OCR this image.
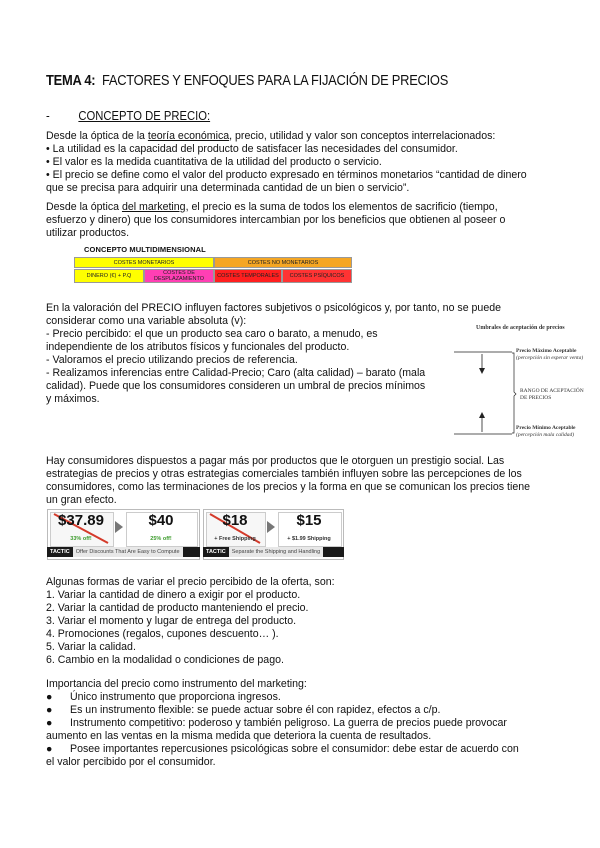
TEMA 4: FACTORES Y ENFOQUES PARA LA FIJACIÓN DE PRECIOS
- CONCEPTO DE PRECIO:

Desde la óptica de la teoría económica, precio, utilidad y valor son conceptos interrelacionados:

• La utilidad es la capacidad del producto de satisfacer las necesidades del consumidor.

• El valor es la medida cuantitativa de la utilidad del producto o servicio.

• El precio se define como el valor del producto expresado en términos monetarios “cantidad de dinero

que se precisa para adquirir una determinada cantidad de un bien o servicio”.

Desde la óptica del marketing, el precio es la suma de todos los elementos de sacrificio (tiempo,

esfuerzo y dinero) que los consumidores intercambian por los beneficios que obtienen al poseer o

utilizar productos.

CONCEPTO MULTIDIMENSIONAL
COSTES MONETARIOS	COSTES NO MONETARIOS
DINERO (€) + P.Q	COSTES DE DESPLAZAMIENTO	COSTES TEMPORALES	COSTES PSÍQUICOS

En la valoración del PRECIO influyen factores subjetivos o psicológicos y, por tanto, no se puede

considerar como una variable absoluta (v):

- Precio percibido: el que un producto sea caro o barato, a menudo, es

independiente de los atributos físicos y funcionales del producto.

- Valoramos el precio utilizando precios de referencia.

- Realizamos inferencias entre Calidad-Precio; Caro (alta calidad) – barato (mala

calidad). Puede que los consumidores consideren un umbral de precios mínimos

y máximos.

Umbrales de aceptación de precios
Precio Máximo Aceptable
(percepción sin esperar venta)
RANGO DE ACEPTACIÓN
DE PRECIOS
Precio Mínimo Aceptable
(percepción mala calidad)

Hay consumidores dispuestos a pagar más por productos que le otorguen un prestigio social. Las

estrategias de precios y otras estrategias comerciales también influyen sobre las percepciones de los

consumidores, como las terminaciones de los precios y la forma en que se comunican los precios tiene

un gran efecto.

$37.89
33% off!
$40
25% off!
TACTIC Offer Discounts That Are Easy to Compute
$18
+ Free Shipping
$15
+ $1.99 Shipping
TACTIC Separate the Shipping and Handling

Algunas formas de variar el precio percibido de la oferta, son:

1. Variar la cantidad de dinero a exigir por el producto.

2. Variar la cantidad de producto manteniendo el precio.

3. Variar el momento y lugar de entrega del producto.

4. Promociones (regalos, cupones descuento… ).

5. Variar la calidad.

6. Cambio en la modalidad o condiciones de pago.

Importancia del precio como instrumento del marketing:

● Único instrumento que proporciona ingresos.

● Es un instrumento flexible: se puede actuar sobre él con rapidez, efectos a c/p.

● Instrumento competitivo: poderoso y también peligroso. La guerra de precios puede provocar

aumento en las ventas en la misma medida que deteriora la cuenta de resultados.

● Posee importantes repercusiones psicológicas sobre el consumidor: debe estar de acuerdo con

el valor percibido por el consumidor.
